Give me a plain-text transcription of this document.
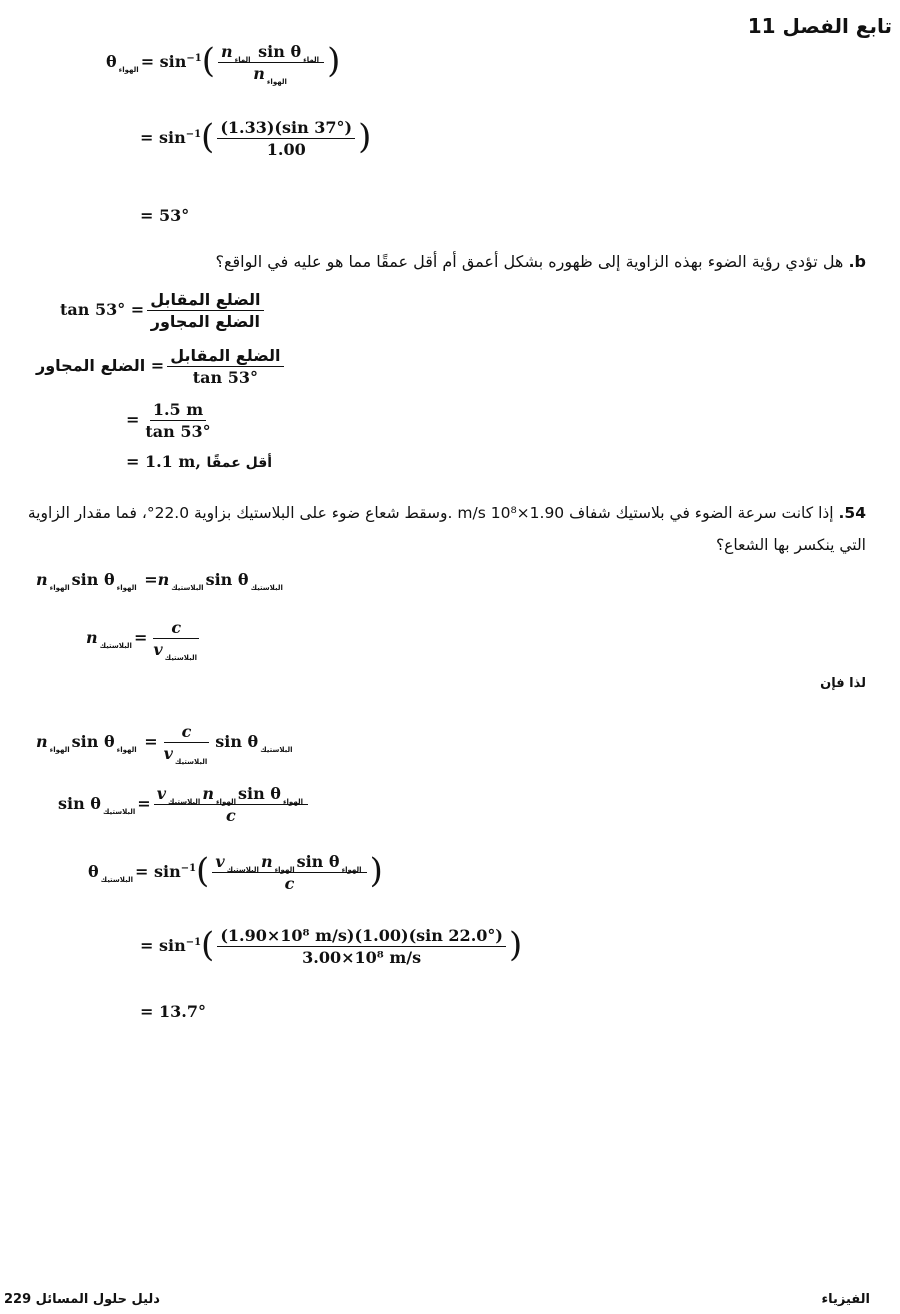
تابع الفصل 11
θ $_{الهواء} = \sin^{-1}( \frac{n _{الماء} \sin \theta _{الماء}}{n _{الهواء}}$ )
= $\sin^{-1}( \frac{(1.33)(\sin 37^\circ)}{1.00}$ )
= 53°
b. هل تؤدي رؤية الضوء بهذه الزاوية إلى ظهوره بشكل أعمق أم أقل عمقًا مما هو عليه في الواقع؟
$\tan 53^\circ = \frac{\text{الضلع المقابل}}{\text{الضلع المجاور}}$
الضلع المجاور = $\frac{\text{الضلع المقابل}}{\tan 53^\circ}$
= $\frac{1.5 m}{\tan 53^\circ}$
= 1.1 m, أقل عمقًا
54. إذا كانت سرعة الضوء في بلاستيك شفاف 1.90×10⁸ m/s .وسقط شعاع ضوء على البلاستيك بزاوية 22.0°، فما مقدار الزاوية
التي ينكسر بها الشعاع؟
n $_{الهواء}$ sin θ $_{الهواء}$ =n $_{البلاستيك}$ sin θ $_{البلاستيك}$
n $_{البلاستيك} = \frac{c}{v _{البلاستيك}}$
لذا فإن
n $_{الهواء}$ sin θ $_{الهواء} = \frac{c}{v _{البلاستيك}}$ sin θ $_{البلاستيك}$
sin θ $_{البلاستيك} = \frac{v _{البلاستيك} n _{الهواء} \sin \theta _{الهواء}}{c}$
θ $_{البلاستيك} = \sin^{-1}( \frac{v _{البلاستيك} n _{الهواء} \sin \theta _{الهواء}}{c}$ )
= $\sin^{-1}( \frac{\text{(1.90×10⁸ m/s)(1.00)(sin 22.0°)}}{\text{3.00×10⁸ m/s}}$ )
= 13.7°
دليل حلول المسائل 229	الفيزياء
